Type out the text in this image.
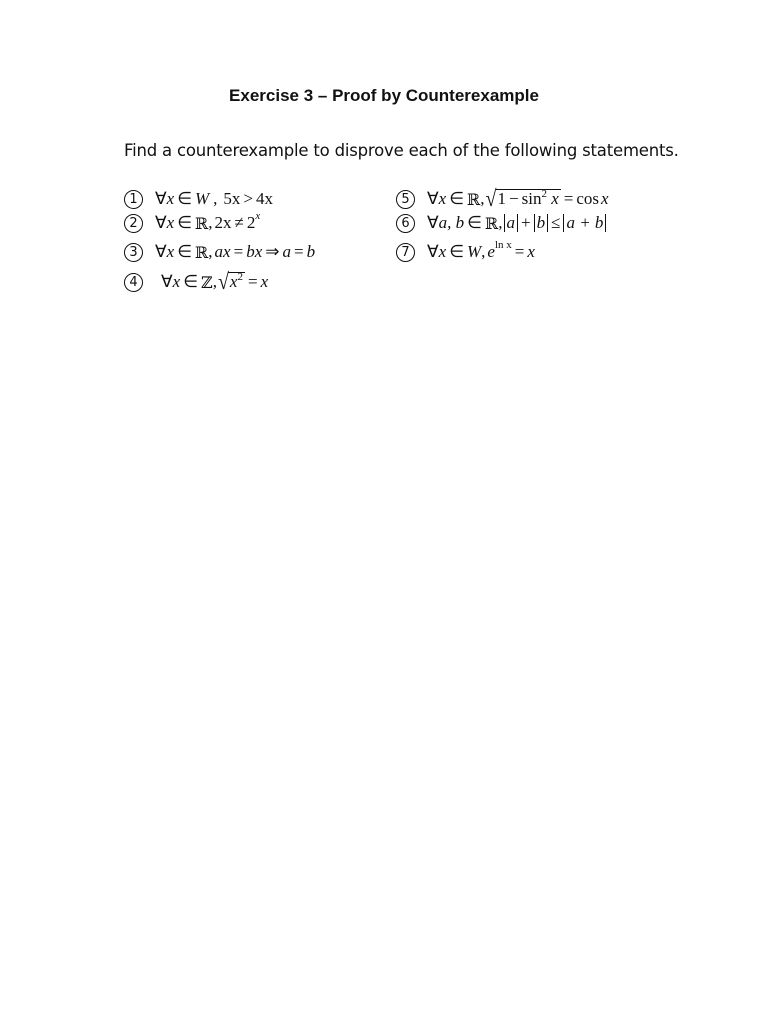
Exercise 3 – Proof by Counterexample
Find a counterexample to disprove each of the following statements.
1	∀ x ∈ W , 5x > 4x
2	∀ x ∈ ℝ , 2x ≠ 2 x
3	∀ x ∈ ℝ , ax = bx ⇒ a = b
4	∀ x ∈ ℤ , √ $x^2 = x$
5	∀ x ∈ ℝ , √ $1 - \sin^2 x = \cos x$
6	∀ a, b ∈ ℝ , a + b ≤ a + b
7	∀ x ∈ W , e ln x = x
